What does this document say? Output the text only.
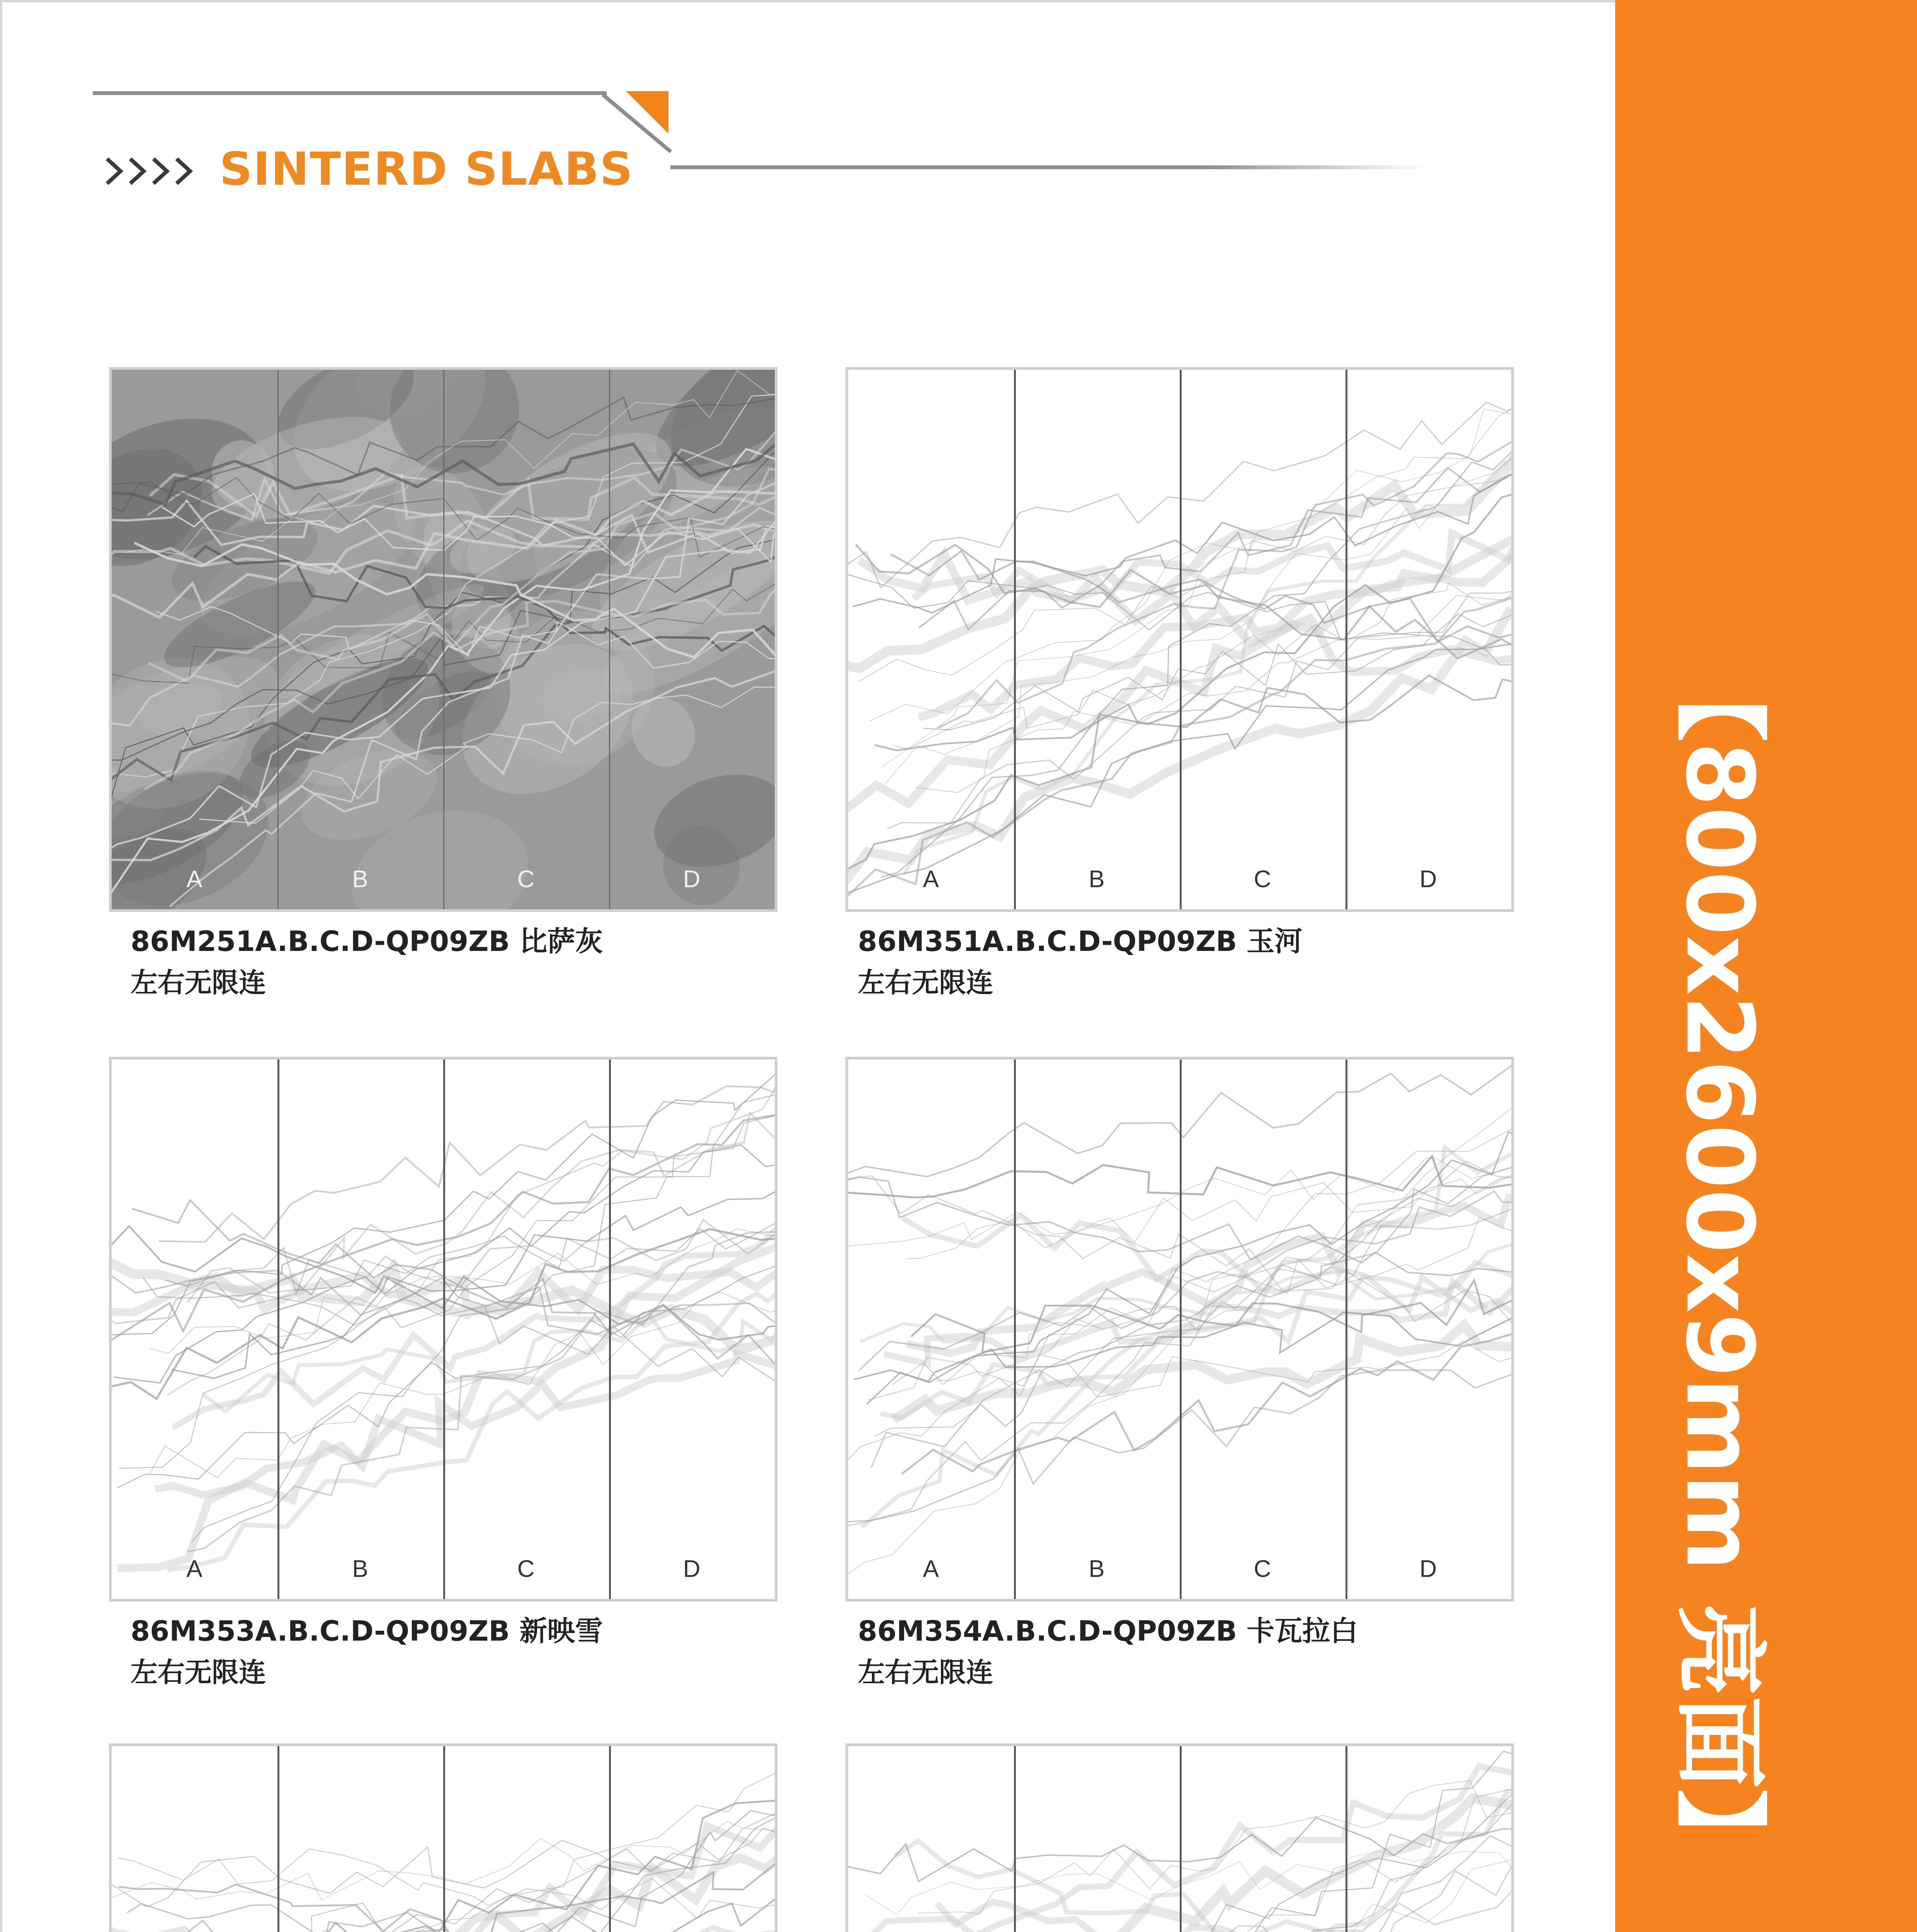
SINTERD SLABS
【800x2600x9mm 亮面】
A	B	C	D
86M251A.B.C.D-QP09ZB 比萨灰
左右无限连
A	B	C	D
86M351A.B.C.D-QP09ZB 玉河
左右无限连
A	B	C	D
86M353A.B.C.D-QP09ZB 新映雪
左右无限连
A	B	C	D
86M354A.B.C.D-QP09ZB 卡瓦拉白
左右无限连
